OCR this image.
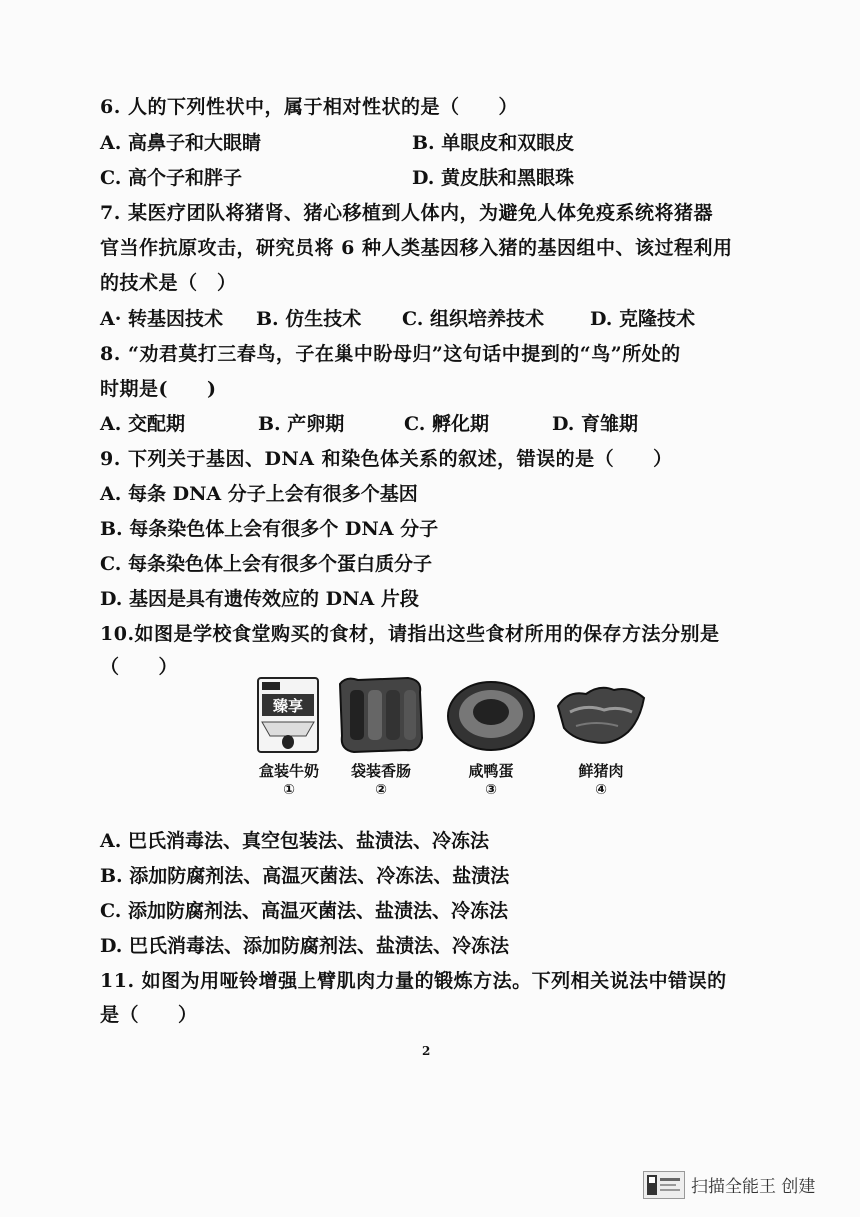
6. 人的下列性状中，属于相对性状的是（　　）
A. 高鼻子和大眼睛	B. 单眼皮和双眼皮
C. 高个子和胖子	D. 黄皮肤和黑眼珠
7. 某医疗团队将猪肾、猪心移植到人体内，为避免人体免疫系统将猪器
官当作抗原攻击，研究员将 6 种人类基因移入猪的基因组中、该过程利用
的技术是（　）
A· 转基因技术 B. 仿生技术 C. 组织培养技术 D. 克隆技术
8. “劝君莫打三春鸟，子在巢中盼母归”这句话中提到的“鸟”所处的
时期是(　　)
A. 交配期	B. 产卵期	C. 孵化期	D. 育雏期
9. 下列关于基因、DNA 和染色体关系的叙述，错误的是（　　）
A. 每条 DNA 分子上会有很多个基因
B. 每条染色体上会有很多个 DNA 分子
C. 每条染色体上会有很多个蛋白质分子
D. 基因是具有遗传效应的 DNA 片段
10.如图是学校食堂购买的食材，请指出这些食材所用的保存方法分别是
（　　）
臻享
盒装牛奶
①
袋装香肠
②
咸鸭蛋
③
鲜猪肉
④
A. 巴氏消毒法、真空包装法、盐渍法、冷冻法
B. 添加防腐剂法、高温灭菌法、冷冻法、盐渍法
C. 添加防腐剂法、高温灭菌法、盐渍法、冷冻法
D. 巴氏消毒法、添加防腐剂法、盐渍法、冷冻法
11. 如图为用哑铃增强上臂肌肉力量的锻炼方法。下列相关说法中错误的
是（　　）
2
扫描全能王 创建
